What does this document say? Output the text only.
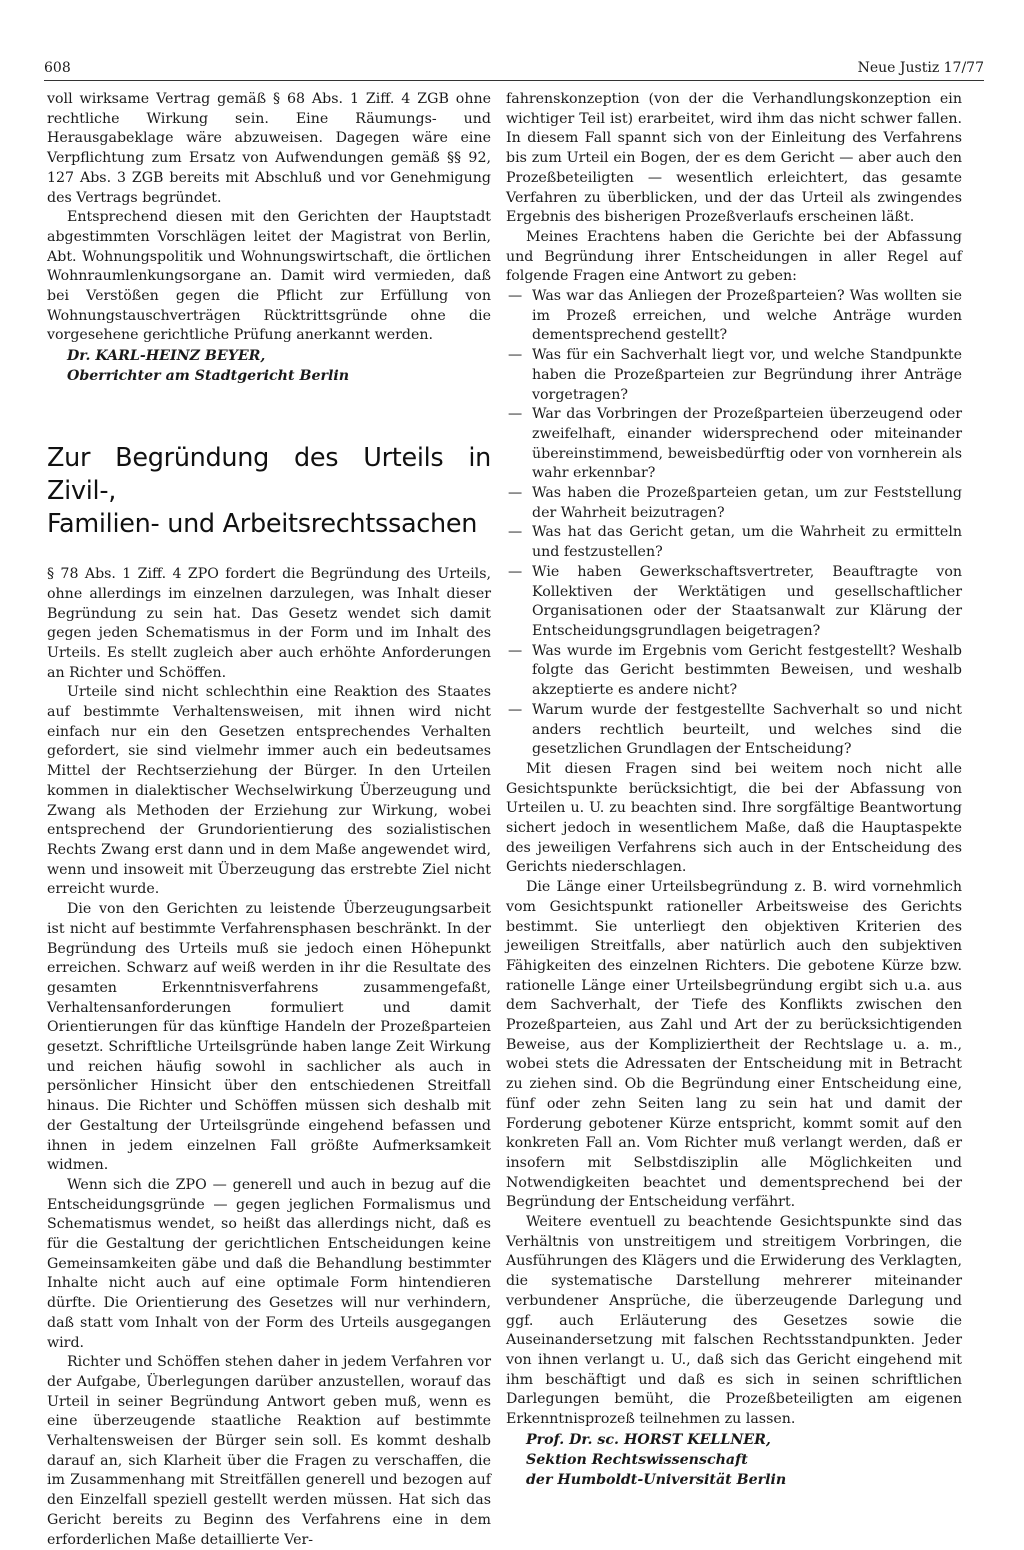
608	Neue Justiz 17/77

voll wirksame Vertrag gemäß § 68 Abs. 1 Ziff. 4 ZGB ohne rechtliche Wirkung sein. Eine Räumungs- und Herausgabeklage wäre abzuweisen. Dagegen wäre eine Verpflichtung zum Ersatz von Aufwendungen gemäß §§ 92, 127 Abs. 3 ZGB bereits mit Abschluß und vor Genehmigung des Vertrags begründet.

Entsprechend diesen mit den Gerichten der Hauptstadt abgestimmten Vorschlägen leitet der Magistrat von Berlin, Abt. Wohnungspolitik und Wohnungswirtschaft, die örtlichen Wohnraumlenkungsorgane an. Damit wird vermieden, daß bei Verstößen gegen die Pflicht zur Erfüllung von Wohnungstauschverträgen Rücktrittsgründe ohne die vorgesehene gerichtliche Prüfung anerkannt werden.

Dr. KARL-HEINZ BEYER,

Oberrichter am Stadtgericht Berlin

Zur Begründung des Urteils in Zivil-,
Familien- und Arbeitsrechtssachen

§ 78 Abs. 1 Ziff. 4 ZPO fordert die Begründung des Urteils, ohne allerdings im einzelnen darzulegen, was Inhalt dieser Begründung zu sein hat. Das Gesetz wendet sich damit gegen jeden Schematismus in der Form und im Inhalt des Urteils. Es stellt zugleich aber auch erhöhte Anforderungen an Richter und Schöffen.

Urteile sind nicht schlechthin eine Reaktion des Staates auf bestimmte Verhaltensweisen, mit ihnen wird nicht einfach nur ein den Gesetzen entsprechendes Verhalten gefordert, sie sind vielmehr immer auch ein bedeutsames Mittel der Rechtserziehung der Bürger. In den Urteilen kommen in dialektischer Wechselwirkung Überzeugung und Zwang als Methoden der Erziehung zur Wirkung, wobei entsprechend der Grundorientierung des sozialistischen Rechts Zwang erst dann und in dem Maße angewendet wird, wenn und insoweit mit Überzeugung das erstrebte Ziel nicht erreicht wurde.

Die von den Gerichten zu leistende Überzeugungsarbeit ist nicht auf bestimmte Verfahrensphasen beschränkt. In der Begründung des Urteils muß sie jedoch einen Höhepunkt erreichen. Schwarz auf weiß werden in ihr die Resultate des gesamten Erkenntnisverfahrens zusammengefaßt, Verhaltensanforderungen formuliert und damit Orientierungen für das künftige Handeln der Prozeßparteien gesetzt. Schriftliche Urteilsgründe haben lange Zeit Wirkung und reichen häufig sowohl in sachlicher als auch in persönlicher Hinsicht über den entschiedenen Streitfall hinaus. Die Richter und Schöffen müssen sich deshalb mit der Gestaltung der Urteilsgründe eingehend befassen und ihnen in jedem einzelnen Fall größte Aufmerksamkeit widmen.

Wenn sich die ZPO — generell und auch in bezug auf die Entscheidungsgründe — gegen jeglichen Formalismus und Schematismus wendet, so heißt das allerdings nicht, daß es für die Gestaltung der gerichtlichen Entscheidungen keine Gemeinsamkeiten gäbe und daß die Behandlung bestimmter Inhalte nicht auch auf eine optimale Form hintendieren dürfte. Die Orientierung des Gesetzes will nur verhindern, daß statt vom Inhalt von der Form des Urteils ausgegangen wird.

Richter und Schöffen stehen daher in jedem Verfahren vor der Aufgabe, Überlegungen darüber anzustellen, worauf das Urteil in seiner Begründung Antwort geben muß, wenn es eine überzeugende staatliche Reaktion auf bestimmte Verhaltensweisen der Bürger sein soll. Es kommt deshalb darauf an, sich Klarheit über die Fragen zu verschaffen, die im Zusammenhang mit Streitfällen generell und bezogen auf den Einzelfall speziell gestellt werden müssen. Hat sich das Gericht bereits zu Beginn des Verfahrens eine in dem erforderlichen Maße detaillierte Ver-

fahrenskonzeption (von der die Verhandlungskonzeption ein wichtiger Teil ist) erarbeitet, wird ihm das nicht schwer fallen. In diesem Fall spannt sich von der Einleitung des Verfahrens bis zum Urteil ein Bogen, der es dem Gericht — aber auch den Prozeßbeteiligten — wesentlich erleichtert, das gesamte Verfahren zu überblicken, und der das Urteil als zwingendes Ergebnis des bisherigen Prozeßverlaufs erscheinen läßt.

Meines Erachtens haben die Gerichte bei der Abfassung und Begründung ihrer Entscheidungen in aller Regel auf folgende Fragen eine Antwort zu geben:

— Was war das Anliegen der Prozeßparteien? Was wollten sie im Prozeß erreichen, und welche Anträge wurden dementsprechend gestellt?
— Was für ein Sachverhalt liegt vor, und welche Standpunkte haben die Prozeßparteien zur Begründung ihrer Anträge vorgetragen?
— War das Vorbringen der Prozeßparteien überzeugend oder zweifelhaft, einander widersprechend oder miteinander übereinstimmend, beweisbedürftig oder von vornherein als wahr erkennbar?
— Was haben die Prozeßparteien getan, um zur Feststellung der Wahrheit beizutragen?
— Was hat das Gericht getan, um die Wahrheit zu ermitteln und festzustellen?
— Wie haben Gewerkschaftsvertreter, Beauftragte von Kollektiven der Werktätigen und gesellschaftlicher Organisationen oder der Staatsanwalt zur Klärung der Entscheidungsgrundlagen beigetragen?
— Was wurde im Ergebnis vom Gericht festgestellt? Weshalb folgte das Gericht bestimmten Beweisen, und weshalb akzeptierte es andere nicht?
— Warum wurde der festgestellte Sachverhalt so und nicht anders rechtlich beurteilt, und welches sind die gesetzlichen Grundlagen der Entscheidung?

Mit diesen Fragen sind bei weitem noch nicht alle Gesichtspunkte berücksichtigt, die bei der Abfassung von Urteilen u. U. zu beachten sind. Ihre sorgfältige Beantwortung sichert jedoch in wesentlichem Maße, daß die Hauptaspekte des jeweiligen Verfahrens sich auch in der Entscheidung des Gerichts niederschlagen.

Die Länge einer Urteilsbegründung z. B. wird vornehmlich vom Gesichtspunkt rationeller Arbeitsweise des Gerichts bestimmt. Sie unterliegt den objektiven Kriterien des jeweiligen Streitfalls, aber natürlich auch den subjektiven Fähigkeiten des einzelnen Richters. Die gebotene Kürze bzw. rationelle Länge einer Urteilsbegründung ergibt sich u.a. aus dem Sachverhalt, der Tiefe des Konflikts zwischen den Prozeßparteien, aus Zahl und Art der zu berücksichtigenden Beweise, aus der Kompliziertheit der Rechtslage u. a. m., wobei stets die Adressaten der Entscheidung mit in Betracht zu ziehen sind. Ob die Begründung einer Entscheidung eine, fünf oder zehn Seiten lang zu sein hat und damit der Forderung gebotener Kürze entspricht, kommt somit auf den konkreten Fall an. Vom Richter muß verlangt werden, daß er insofern mit Selbstdisziplin alle Möglichkeiten und Notwendigkeiten beachtet und dementsprechend bei der Begründung der Entscheidung verfährt.

Weitere eventuell zu beachtende Gesichtspunkte sind das Verhältnis von unstreitigem und streitigem Vorbringen, die Ausführungen des Klägers und die Erwiderung des Verklagten, die systematische Darstellung mehrerer miteinander verbundener Ansprüche, die überzeugende Darlegung und ggf. auch Erläuterung des Gesetzes sowie die Auseinandersetzung mit falschen Rechtsstandpunkten. Jeder von ihnen verlangt u. U., daß sich das Gericht eingehend mit ihm beschäftigt und daß es sich in seinen schriftlichen Darlegungen bemüht, die Prozeßbeteiligten am eigenen Erkenntnisprozeß teilnehmen zu lassen.

Prof. Dr. sc. HORST KELLNER,

Sektion Rechtswissenschaft

der Humboldt-Universität Berlin
